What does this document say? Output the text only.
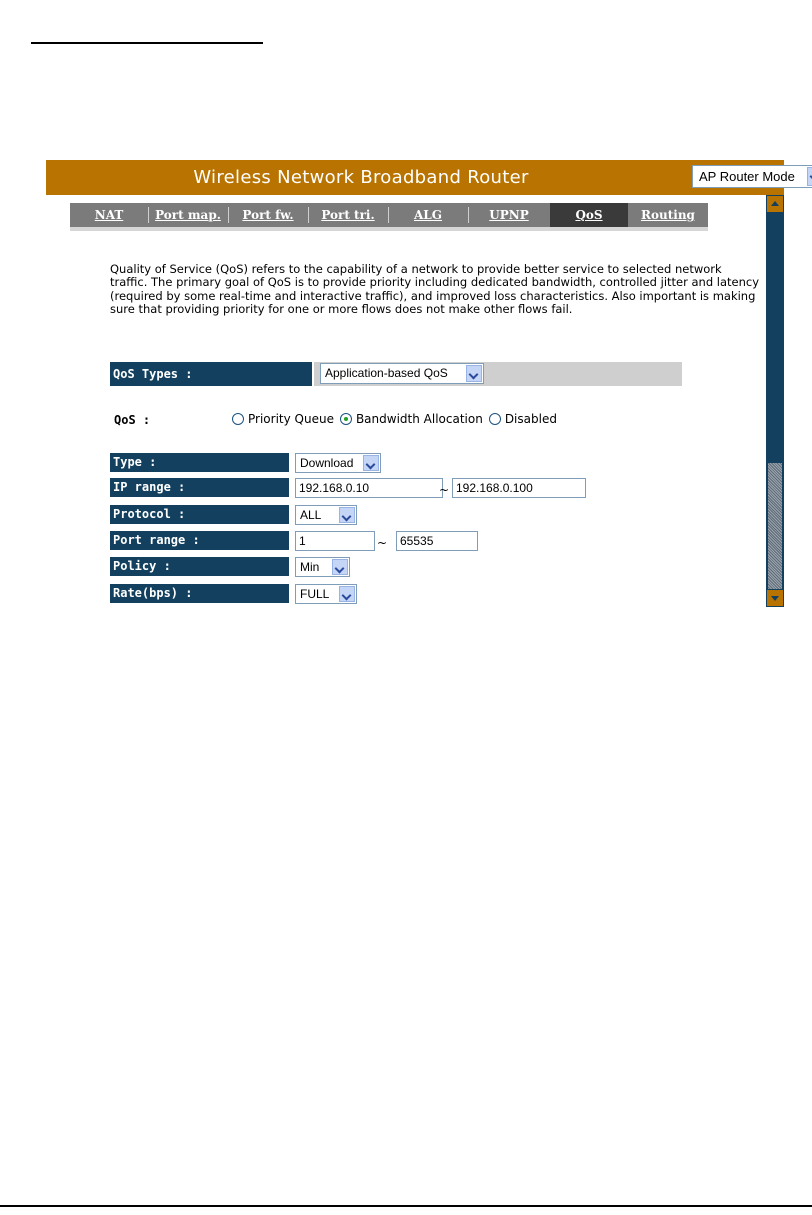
Wireless Network Broadband Router	AP Router Mode
NAT	Port map.	Port fw.	Port tri.	ALG	UPNP	QoS	Routing
Quality of Service (QoS) refers to the capability of a network to provide better service to selected network traffic. The primary goal of QoS is to provide priority including dedicated bandwidth, controlled jitter and latency (required by some real-time and interactive traffic), and improved loss characteristics. Also important is making sure that providing priority for one or more flows does not make other flows fail.
QoS Types :	Application-based QoS
QoS :	Priority Queue Bandwidth Allocation Disabled
Type :	Download
IP range :	192.168.0.10	~ 192.168.0.100
Protocol :	ALL
Port range :	1	~ 65535
Policy :	Min
Rate(bps) :	FULL
